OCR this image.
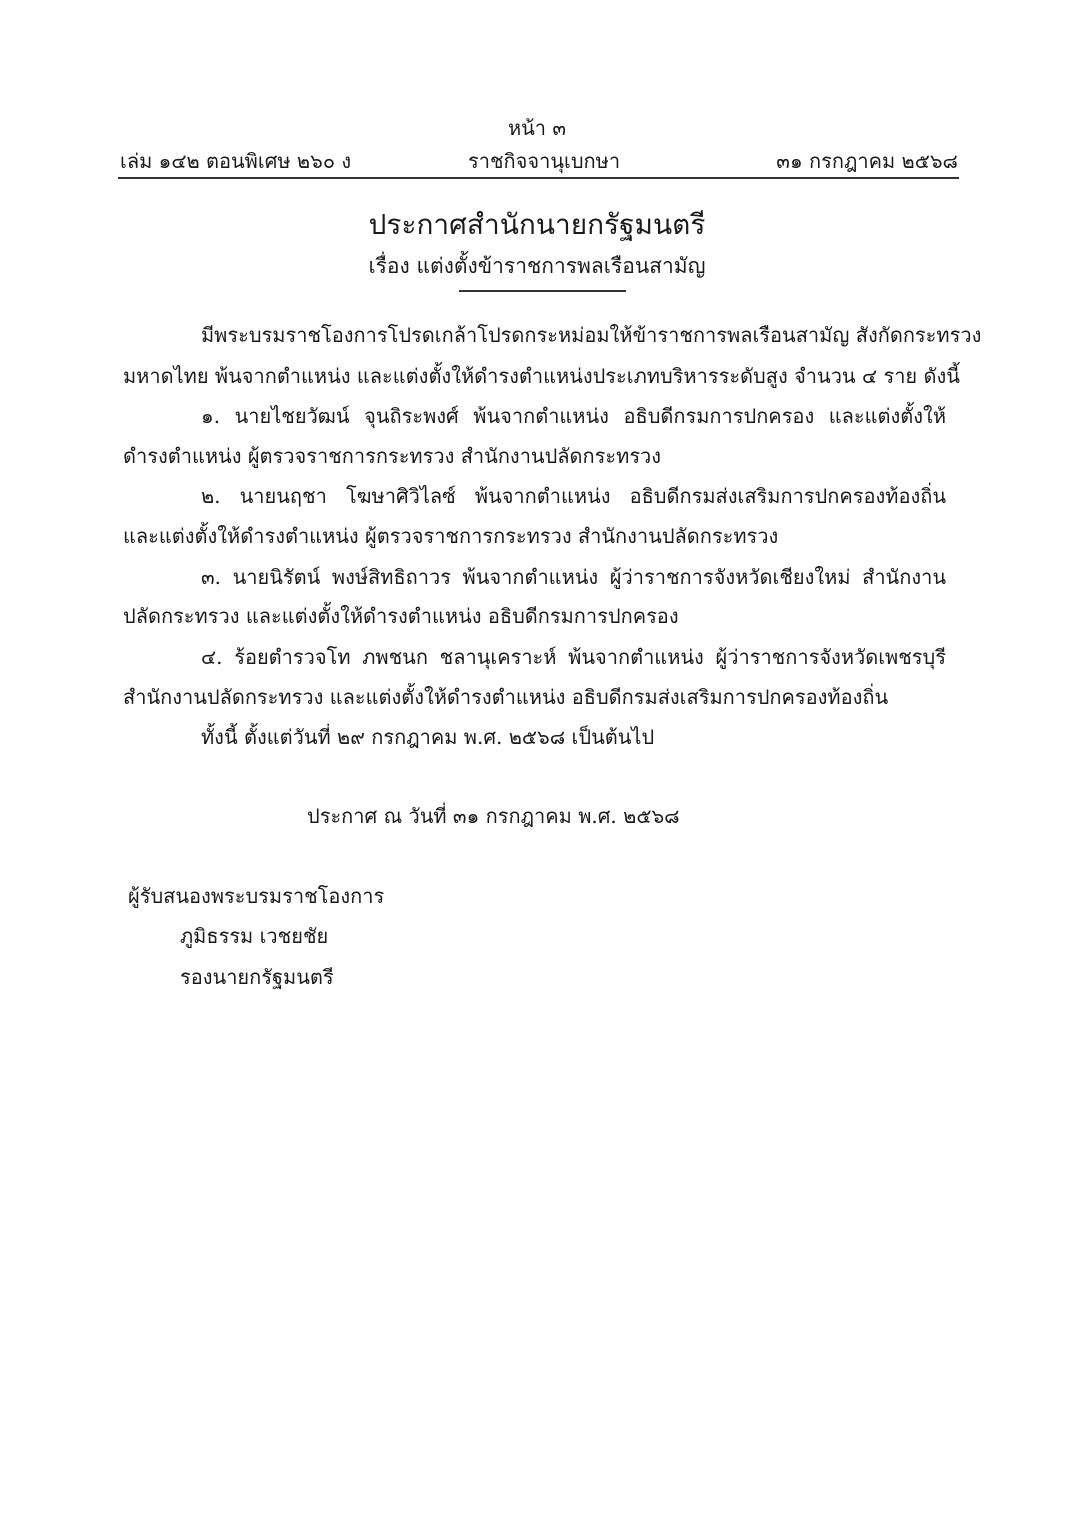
หน้า ๓
เล่ม ๑๔๒ ตอนพิเศษ ๒๖๐ ง	ราชกิจจานุเบกษา	๓๑ กรกฎาคม ๒๕๖๘
ประกาศสำนักนายกรัฐมนตรี
เรื่อง แต่งตั้งข้าราชการพลเรือนสามัญ
มีพระบรมราชโองการโปรดเกล้าโปรดกระหม่อมให้ข้าราชการพลเรือนสามัญ สังกัดกระทรวง
มหาดไทย พ้นจากตำแหน่ง และแต่งตั้งให้ดำรงตำแหน่งประเภทบริหารระดับสูง จำนวน ๔ ราย ดังนี้
๑. นายไชยวัฒน์ จุนถิระพงศ์ พ้นจากตำแหน่ง อธิบดีกรมการปกครอง และแต่งตั้งให้
ดำรงตำแหน่ง ผู้ตรวจราชการกระทรวง สำนักงานปลัดกระทรวง
๒. นายนฤชา โฆษาศิวิไลซ์ พ้นจากตำแหน่ง อธิบดีกรมส่งเสริมการปกครองท้องถิ่น
และแต่งตั้งให้ดำรงตำแหน่ง ผู้ตรวจราชการกระทรวง สำนักงานปลัดกระทรวง
๓. นายนิรัตน์ พงษ์สิทธิถาวร พ้นจากตำแหน่ง ผู้ว่าราชการจังหวัดเชียงใหม่ สำนักงาน
ปลัดกระทรวง และแต่งตั้งให้ดำรงตำแหน่ง อธิบดีกรมการปกครอง
๔. ร้อยตำรวจโท ภพชนก ชลานุเคราะห์ พ้นจากตำแหน่ง ผู้ว่าราชการจังหวัดเพชรบุรี
สำนักงานปลัดกระทรวง และแต่งตั้งให้ดำรงตำแหน่ง อธิบดีกรมส่งเสริมการปกครองท้องถิ่น
ทั้งนี้ ตั้งแต่วันที่ ๒๙ กรกฎาคม พ.ศ. ๒๕๖๘ เป็นต้นไป
ประกาศ ณ วันที่ ๓๑ กรกฎาคม พ.ศ. ๒๕๖๘
ผู้รับสนองพระบรมราชโองการ
ภูมิธรรม เวชยชัย
รองนายกรัฐมนตรี
